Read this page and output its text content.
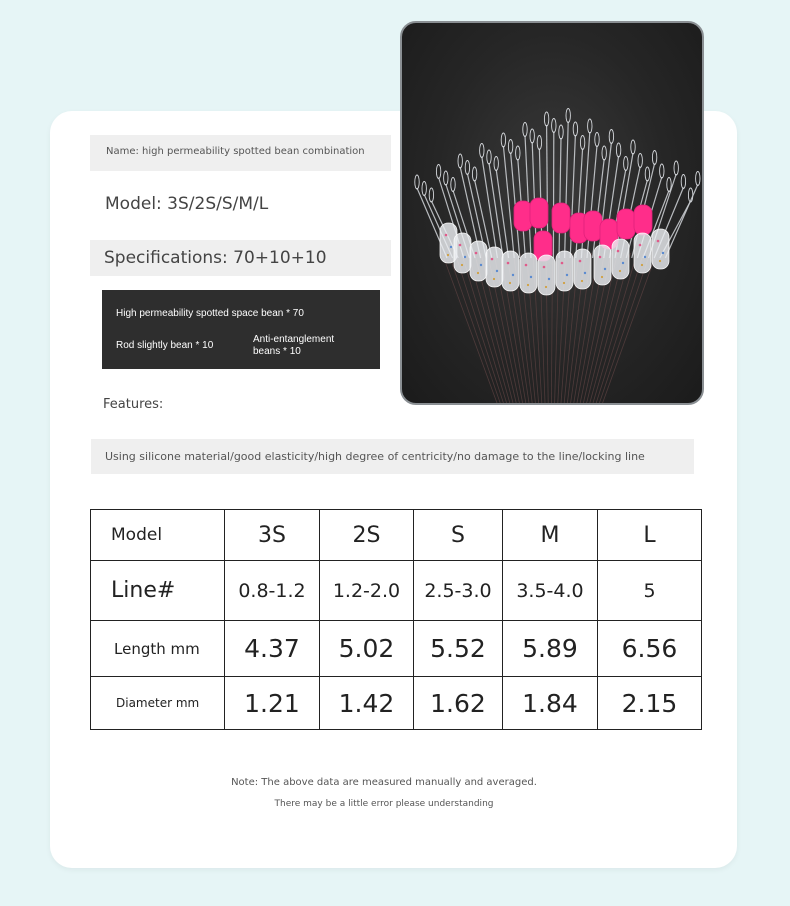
Name: high permeability spotted bean combination
Model: 3S/2S/S/M/L
Specifications: 70+10+10
High permeability spotted space bean * 70
Rod slightly bean * 10
Anti-entanglement beans * 10
Features:
Using silicone material/good elasticity/high degree of centricity/no damage to the line/locking line
Model	3S	2S	S	M	L
Line#	0.8-1.2	1.2-2.0	2.5-3.0	3.5-4.0	5
Length mm	4.37	5.02	5.52	5.89	6.56
Diameter mm	1.21	1.42	1.62	1.84	2.15
Note: The above data are measured manually and averaged.
There may be a little error please understanding
